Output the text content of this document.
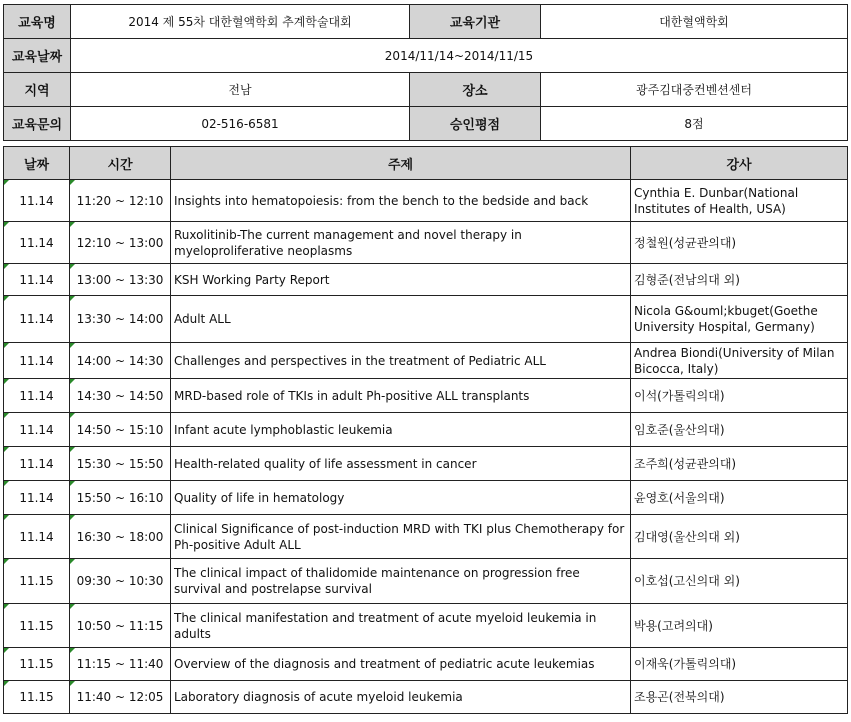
교육명	2014 제 55차 대한혈액학회 추계학술대회	교육기관	대한혈액학회
교육날짜	2014/11/14~2014/11/15		
지역	전남	장소	광주김대중컨벤션센터
교육문의	02-516-6581	승인평점	8점
날짜	시간	주제	강사
11.14	11:20 ~ 12:10	Insights into hematopoiesis: from the bench to the bedside and back	Cynthia E. Dunbar(National Institutes of Health, USA)
11.14	12:10 ~ 13:00	Ruxolitinib-The current management and novel therapy in myeloproliferative neoplasms	정철원(성균관의대)
11.14	13:00 ~ 13:30	KSH Working Party Report	김형준(전남의대 외)
11.14	13:30 ~ 14:00	Adult ALL	Nicola G&ouml;kbuget(Goethe University Hospital, Germany)
11.14	14:00 ~ 14:30	Challenges and perspectives in the treatment of Pediatric ALL	Andrea Biondi(University of Milan Bicocca, Italy)
11.14	14:30 ~ 14:50	MRD-based role of TKIs in adult Ph-positive ALL transplants	이석(가톨릭의대)
11.14	14:50 ~ 15:10	Infant acute lymphoblastic leukemia	임호준(울산의대)
11.14	15:30 ~ 15:50	Health-related quality of life assessment in cancer	조주희(성균관의대)
11.14	15:50 ~ 16:10	Quality of life in hematology	윤영호(서울의대)
11.14	16:30 ~ 18:00	Clinical Significance of post-induction MRD with TKI plus Chemotherapy for Ph-positive Adult ALL	김대영(울산의대 외)
11.15	09:30 ~ 10:30	The clinical impact of thalidomide maintenance on progression free survival and postrelapse survival	이호섭(고신의대 외)
11.15	10:50 ~ 11:15	The clinical manifestation and treatment of acute myeloid leukemia in adults	박용(고려의대)
11.15	11:15 ~ 11:40	Overview of the diagnosis and treatment of pediatric acute leukemias	이재욱(가톨릭의대)
11.15	11:40 ~ 12:05	Laboratory diagnosis of acute myeloid leukemia	조용곤(전북의대)
